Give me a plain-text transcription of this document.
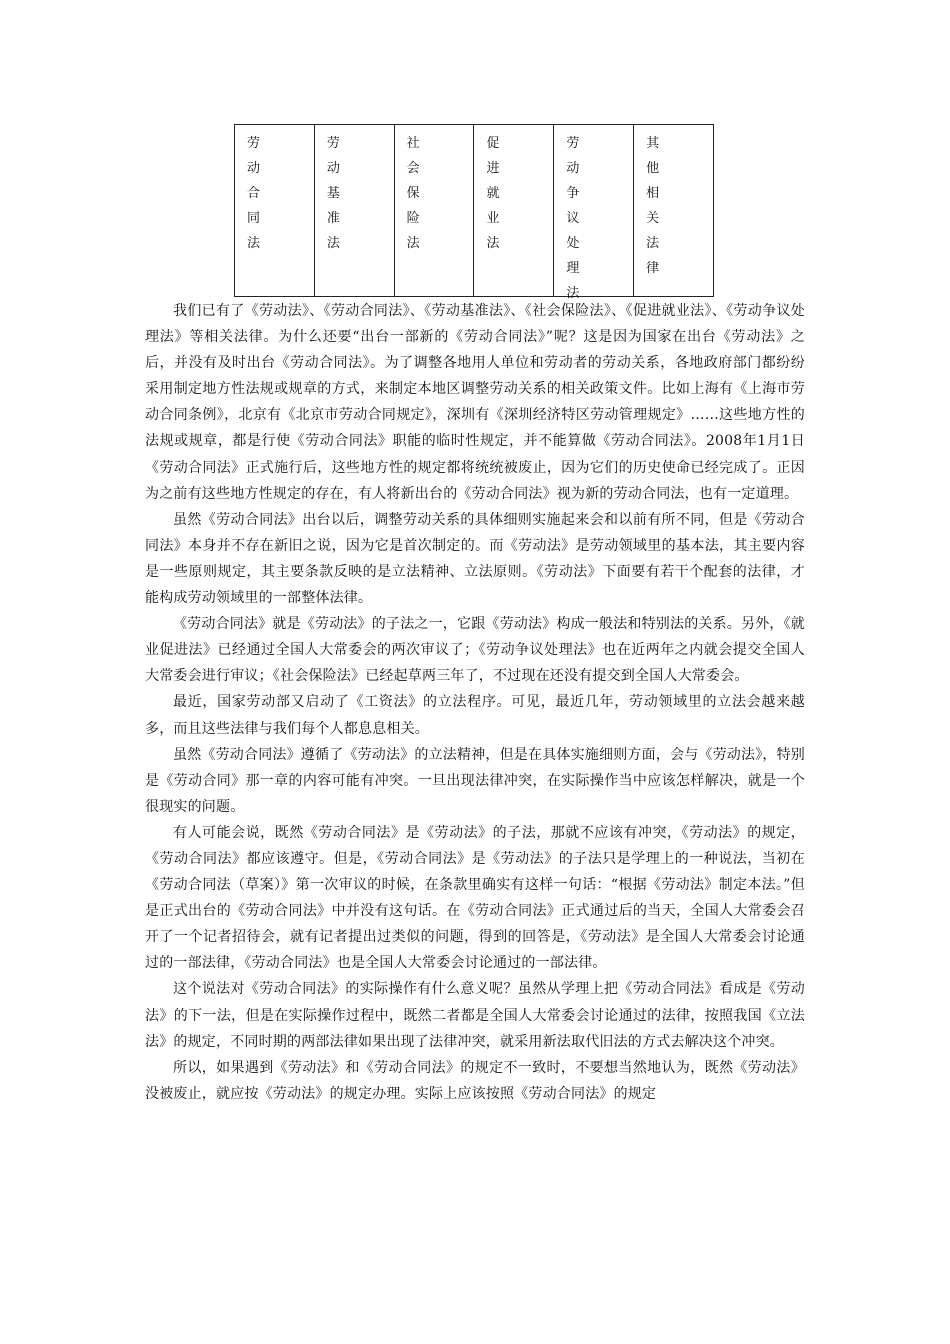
劳
动
合
同
法
劳
动
基
准
法
社
会
保
险
法
促
进
就
业
法
劳
动
争
议
处
理
法
其
他
相
关
法
律

我们已有了《劳动法》、《劳动合同法》、《劳动基准法》、《社会保险法》、《促进就业法》、《劳动争议处理法》等相关法律。为什么还要“出台一部新的《劳动合同法》”呢？这是因为国家在出台《劳动法》之后，并没有及时出台《劳动合同法》。为了调整各地用人单位和劳动者的劳动关系，各地政府部门都纷纷采用制定地方性法规或规章的方式，来制定本地区调整劳动关系的相关政策文件。比如上海有《上海市劳动合同条例》，北京有《北京市劳动合同规定》，深圳有《深圳经济特区劳动管理规定》……这些地方性的法规或规章，都是行使《劳动合同法》职能的临时性规定，并不能算做《劳动合同法》。2008年1月1日《劳动合同法》正式施行后，这些地方性的规定都将统统被废止，因为它们的历史使命已经完成了。正因为之前有这些地方性规定的存在，有人将新出台的《劳动合同法》视为新的劳动合同法，也有一定道理。

虽然《劳动合同法》出台以后，调整劳动关系的具体细则实施起来会和以前有所不同，但是《劳动合同法》本身并不存在新旧之说，因为它是首次制定的。而《劳动法》是劳动领域里的基本法，其主要内容是一些原则规定，其主要条款反映的是立法精神、立法原则。《劳动法》下面要有若干个配套的法律，才能构成劳动领域里的一部整体法律。

《劳动合同法》就是《劳动法》的子法之一，它跟《劳动法》构成一般法和特别法的关系。另外，《就业促进法》已经通过全国人大常委会的两次审议了；《劳动争议处理法》也在近两年之内就会提交全国人大常委会进行审议；《社会保险法》已经起草两三年了，不过现在还没有提交到全国人大常委会。

最近，国家劳动部又启动了《工资法》的立法程序。可见，最近几年，劳动领域里的立法会越来越多，而且这些法律与我们每个人都息息相关。

虽然《劳动合同法》遵循了《劳动法》的立法精神，但是在具体实施细则方面，会与《劳动法》，特别是《劳动合同》那一章的内容可能有冲突。一旦出现法律冲突，在实际操作当中应该怎样解决，就是一个很现实的问题。

有人可能会说，既然《劳动合同法》是《劳动法》的子法，那就不应该有冲突，《劳动法》的规定，《劳动合同法》都应该遵守。但是，《劳动合同法》是《劳动法》的子法只是学理上的一种说法，当初在《劳动合同法（草案）》第一次审议的时候，在条款里确实有这样一句话：“根据《劳动法》制定本法。”但是正式出台的《劳动合同法》中并没有这句话。在《劳动合同法》正式通过后的当天，全国人大常委会召开了一个记者招待会，就有记者提出过类似的问题，得到的回答是，《劳动法》是全国人大常委会讨论通过的一部法律，《劳动合同法》也是全国人大常委会讨论通过的一部法律。

这个说法对《劳动合同法》的实际操作有什么意义呢？虽然从学理上把《劳动合同法》看成是《劳动法》的下一法，但是在实际操作过程中，既然二者都是全国人大常委会讨论通过的法律，按照我国《立法法》的规定，不同时期的两部法律如果出现了法律冲突，就采用新法取代旧法的方式去解决这个冲突。

所以，如果遇到《劳动法》和《劳动合同法》的规定不一致时，不要想当然地认为，既然《劳动法》没被废止，就应按《劳动法》的规定办理。实际上应该按照《劳动合同法》的规定
